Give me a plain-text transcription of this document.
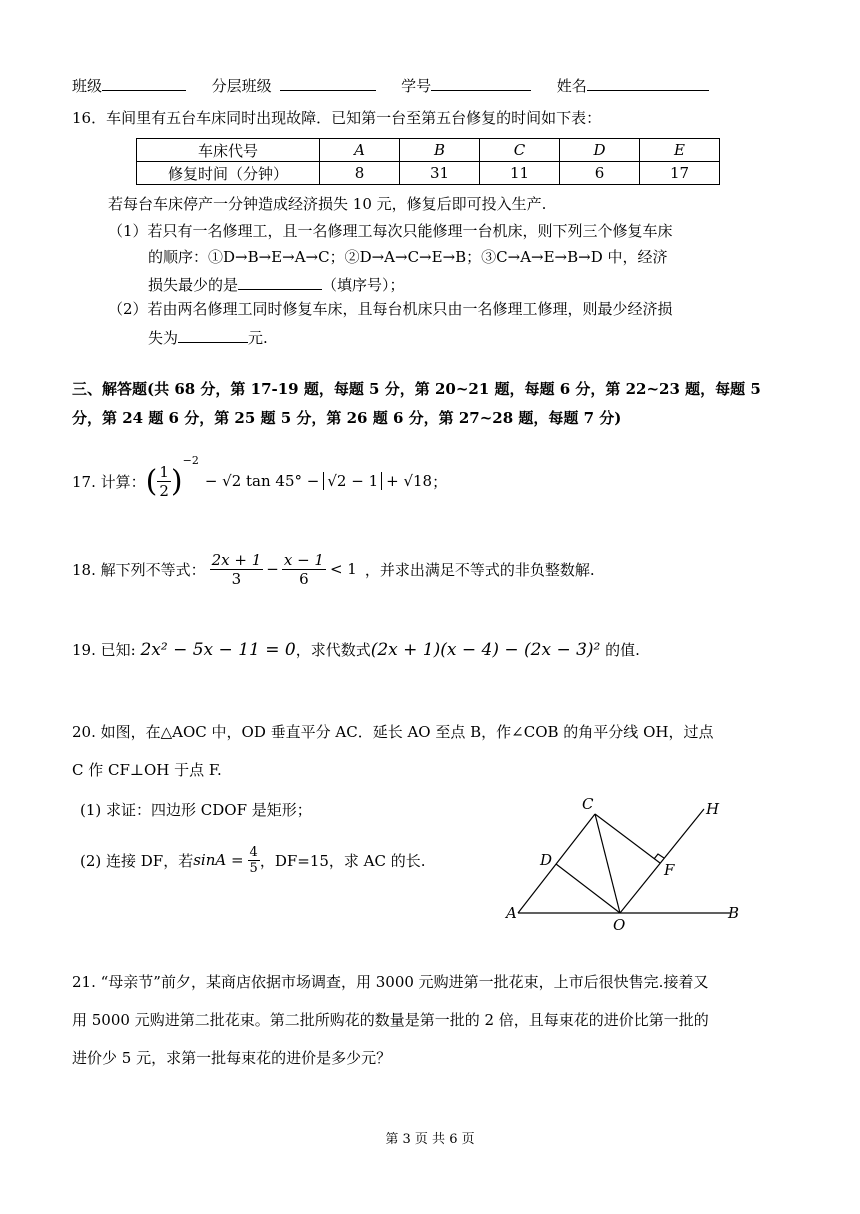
班级	分层班级	学号	姓名
16．车间里有五台车床同时出现故障．已知第一台至第五台修复的时间如下表：
车床代号	A	B	C	D	E
修复时间（分钟）	8	31	11	6	17
若每台车床停产一分钟造成经济损失 10 元，修复后即可投入生产.
（1）若只有一名修理工，且一名修理工每次只能修理一台机床，则下列三个修复车床
的顺序：①D→B→E→A→C；②D→A→C→E→B；③C→A→E→B→D 中，经济
损失最少的是	（填序号）；
（2）若由两名修理工同时修复车床，且每台机床只由一名修理工修理，则最少经济损
失为	元.
三、解答题(共 68 分，第 17-19 题，每题 5 分，第 20~21 题，每题 6 分，第 22~23 题，每题 5
分，第 24 题 6 分，第 25 题 5 分，第 26 题 6 分，第 27~28 题，每题 7 分)
17. 计算： ( $\frac{1}{2}$ )
$^{-2}$
− √2 tan 45° − √2 − 1 + √18 ；
18. 解下列不等式： $\frac{2x + 1}{3} - \frac{x - 1}{6} < 1$ ，并求出满足不等式的非负整数解.
19. 已知: 2x² − 5x − 11 = 0，求代数式(2x + 1)(x − 4) − (2x − 3)² 的值.
20. 如图，在△AOC 中，OD 垂直平分 AC．延长 AO 至点 B，作∠COB 的角平分线 OH，过点
C 作 CF⊥OH 于点 F.
(1) 求证：四边形 CDOF 是矩形；
(2) 连接 DF，若 $\sin A = \frac{4}{5}$ ，DF=15，求 AC 的长.
C	H
D
F
A
O
B
21. “母亲节”前夕，某商店依据市场调查，用 3000 元购进第一批花束，上市后很快售完.接着又
用 5000 元购进第二批花束。第二批所购花的数量是第一批的 2 倍，且每束花的进价比第一批的
进价少 5 元，求第一批每束花的进价是多少元？
第 3 页 共 6 页
